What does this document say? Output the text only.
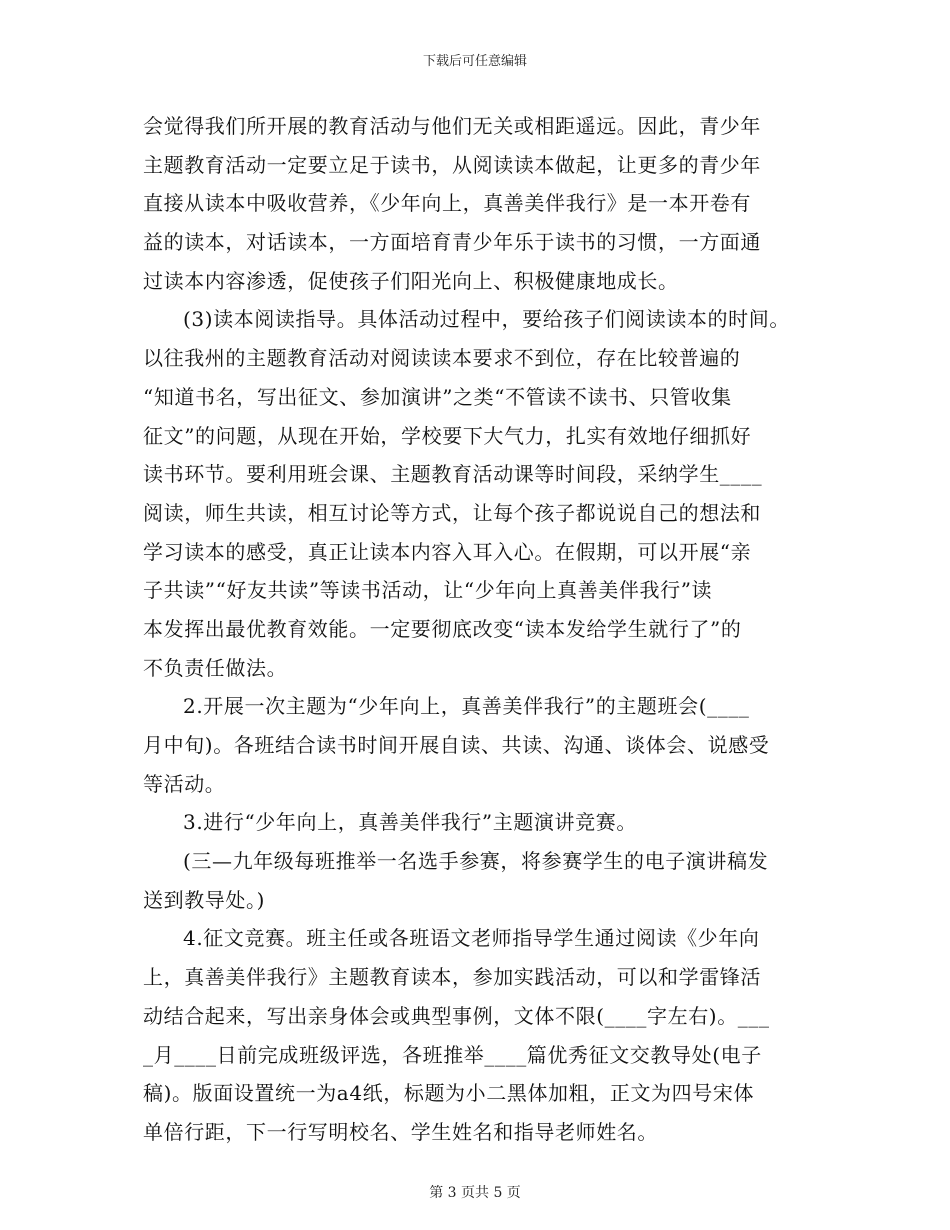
下载后可任意编辑
会觉得我们所开展的教育活动与他们无关或相距遥远。因此，青少年
主题教育活动一定要立足于读书，从阅读读本做起，让更多的青少年
直接从读本中吸收营养，《少年向上，真善美伴我行》是一本开卷有
益的读本，对话读本，一方面培育青少年乐于读书的习惯，一方面通
过读本内容渗透，促使孩子们阳光向上、积极健康地成长。
(3)读本阅读指导。具体活动过程中，要给孩子们阅读读本的时间。
以往我州的主题教育活动对阅读读本要求不到位，存在比较普遍的
“知道书名，写出征文、参加演讲”之类“不管读不读书、只管收集
征文”的问题，从现在开始，学校要下大气力，扎实有效地仔细抓好
读书环节。要利用班会课、主题教育活动课等时间段，采纳学生____
阅读，师生共读，相互讨论等方式，让每个孩子都说说自己的想法和
学习读本的感受，真正让读本内容入耳入心。在假期，可以开展“亲
子共读”“好友共读”等读书活动，让“少年向上真善美伴我行”读
本发挥出最优教育效能。一定要彻底改变“读本发给学生就行了”的
不负责任做法。
2.开展一次主题为“少年向上，真善美伴我行”的主题班会(____
月中旬)。各班结合读书时间开展自读、共读、沟通、谈体会、说感受
等活动。
3.进行“少年向上，真善美伴我行”主题演讲竞赛。
(三—九年级每班推举一名选手参赛，将参赛学生的电子演讲稿发
送到教导处。)
4.征文竞赛。班主任或各班语文老师指导学生通过阅读《少年向
上，真善美伴我行》主题教育读本，参加实践活动，可以和学雷锋活
动结合起来，写出亲身体会或典型事例，文体不限(____字左右)。___
_月____日前完成班级评选，各班推举____篇优秀征文交教导处(电子
稿)。版面设置统一为a4纸，标题为小二黑体加粗，正文为四号宋体
单倍行距，下一行写明校名、学生姓名和指导老师姓名。
第 3 页共 5 页
